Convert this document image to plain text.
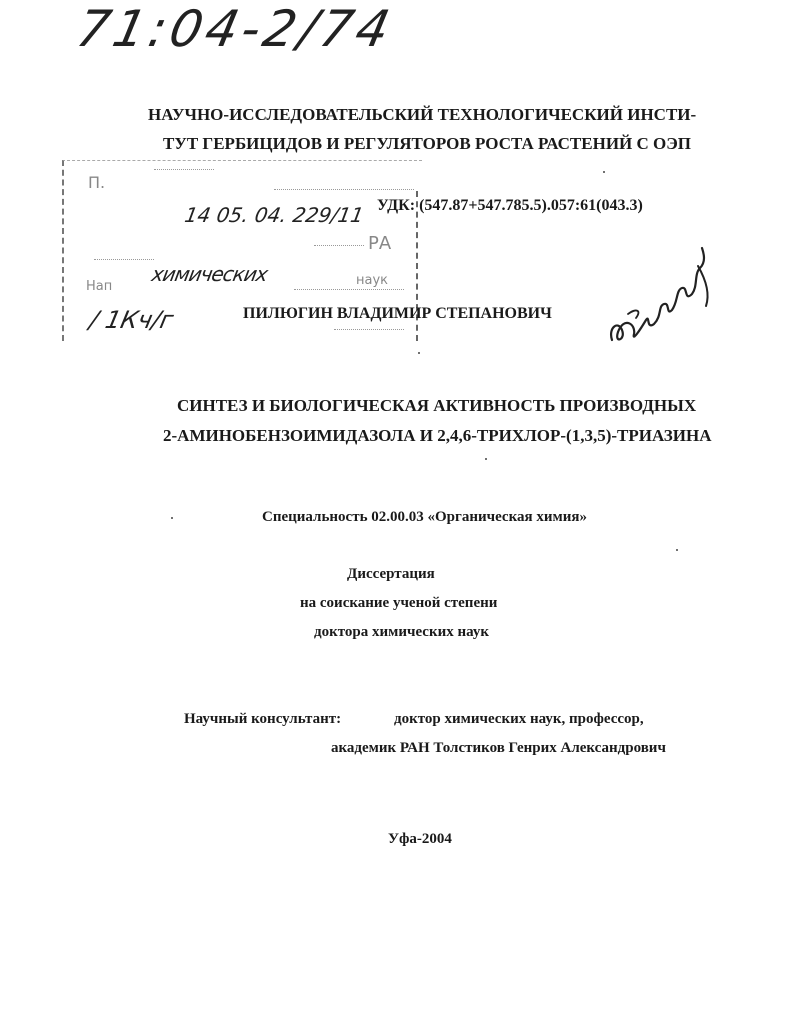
71:04-2/74
НАУЧНО-ИССЛЕДОВАТЕЛЬСКИЙ ТЕХНОЛОГИЧЕСКИЙ ИНСТИ-
ТУТ ГЕРБИЦИДОВ И РЕГУЛЯТОРОВ РОСТА РАСТЕНИЙ С ОЭП
П.
Нап
РА
наук
14 05. 04. 229/11
химических
/ 1Кч/г
УДК: (547.87+547.785.5).057:61(043.3)
ПИЛЮГИН ВЛАДИМИР СТЕПАНОВИЧ
СИНТЕЗ И БИОЛОГИЧЕСКАЯ АКТИВНОСТЬ ПРОИЗВОДНЫХ
2-АМИНОБЕНЗОИМИДАЗОЛА И 2,4,6-ТРИХЛОР-(1,3,5)-ТРИАЗИНА
Специальность 02.00.03 «Органическая химия»
Диссертация
на соискание ученой степени
доктора химических наук
Научный консультант:	доктор химических наук, профессор,
академик РАН Толстиков Генрих Александрович
Уфа-2004
